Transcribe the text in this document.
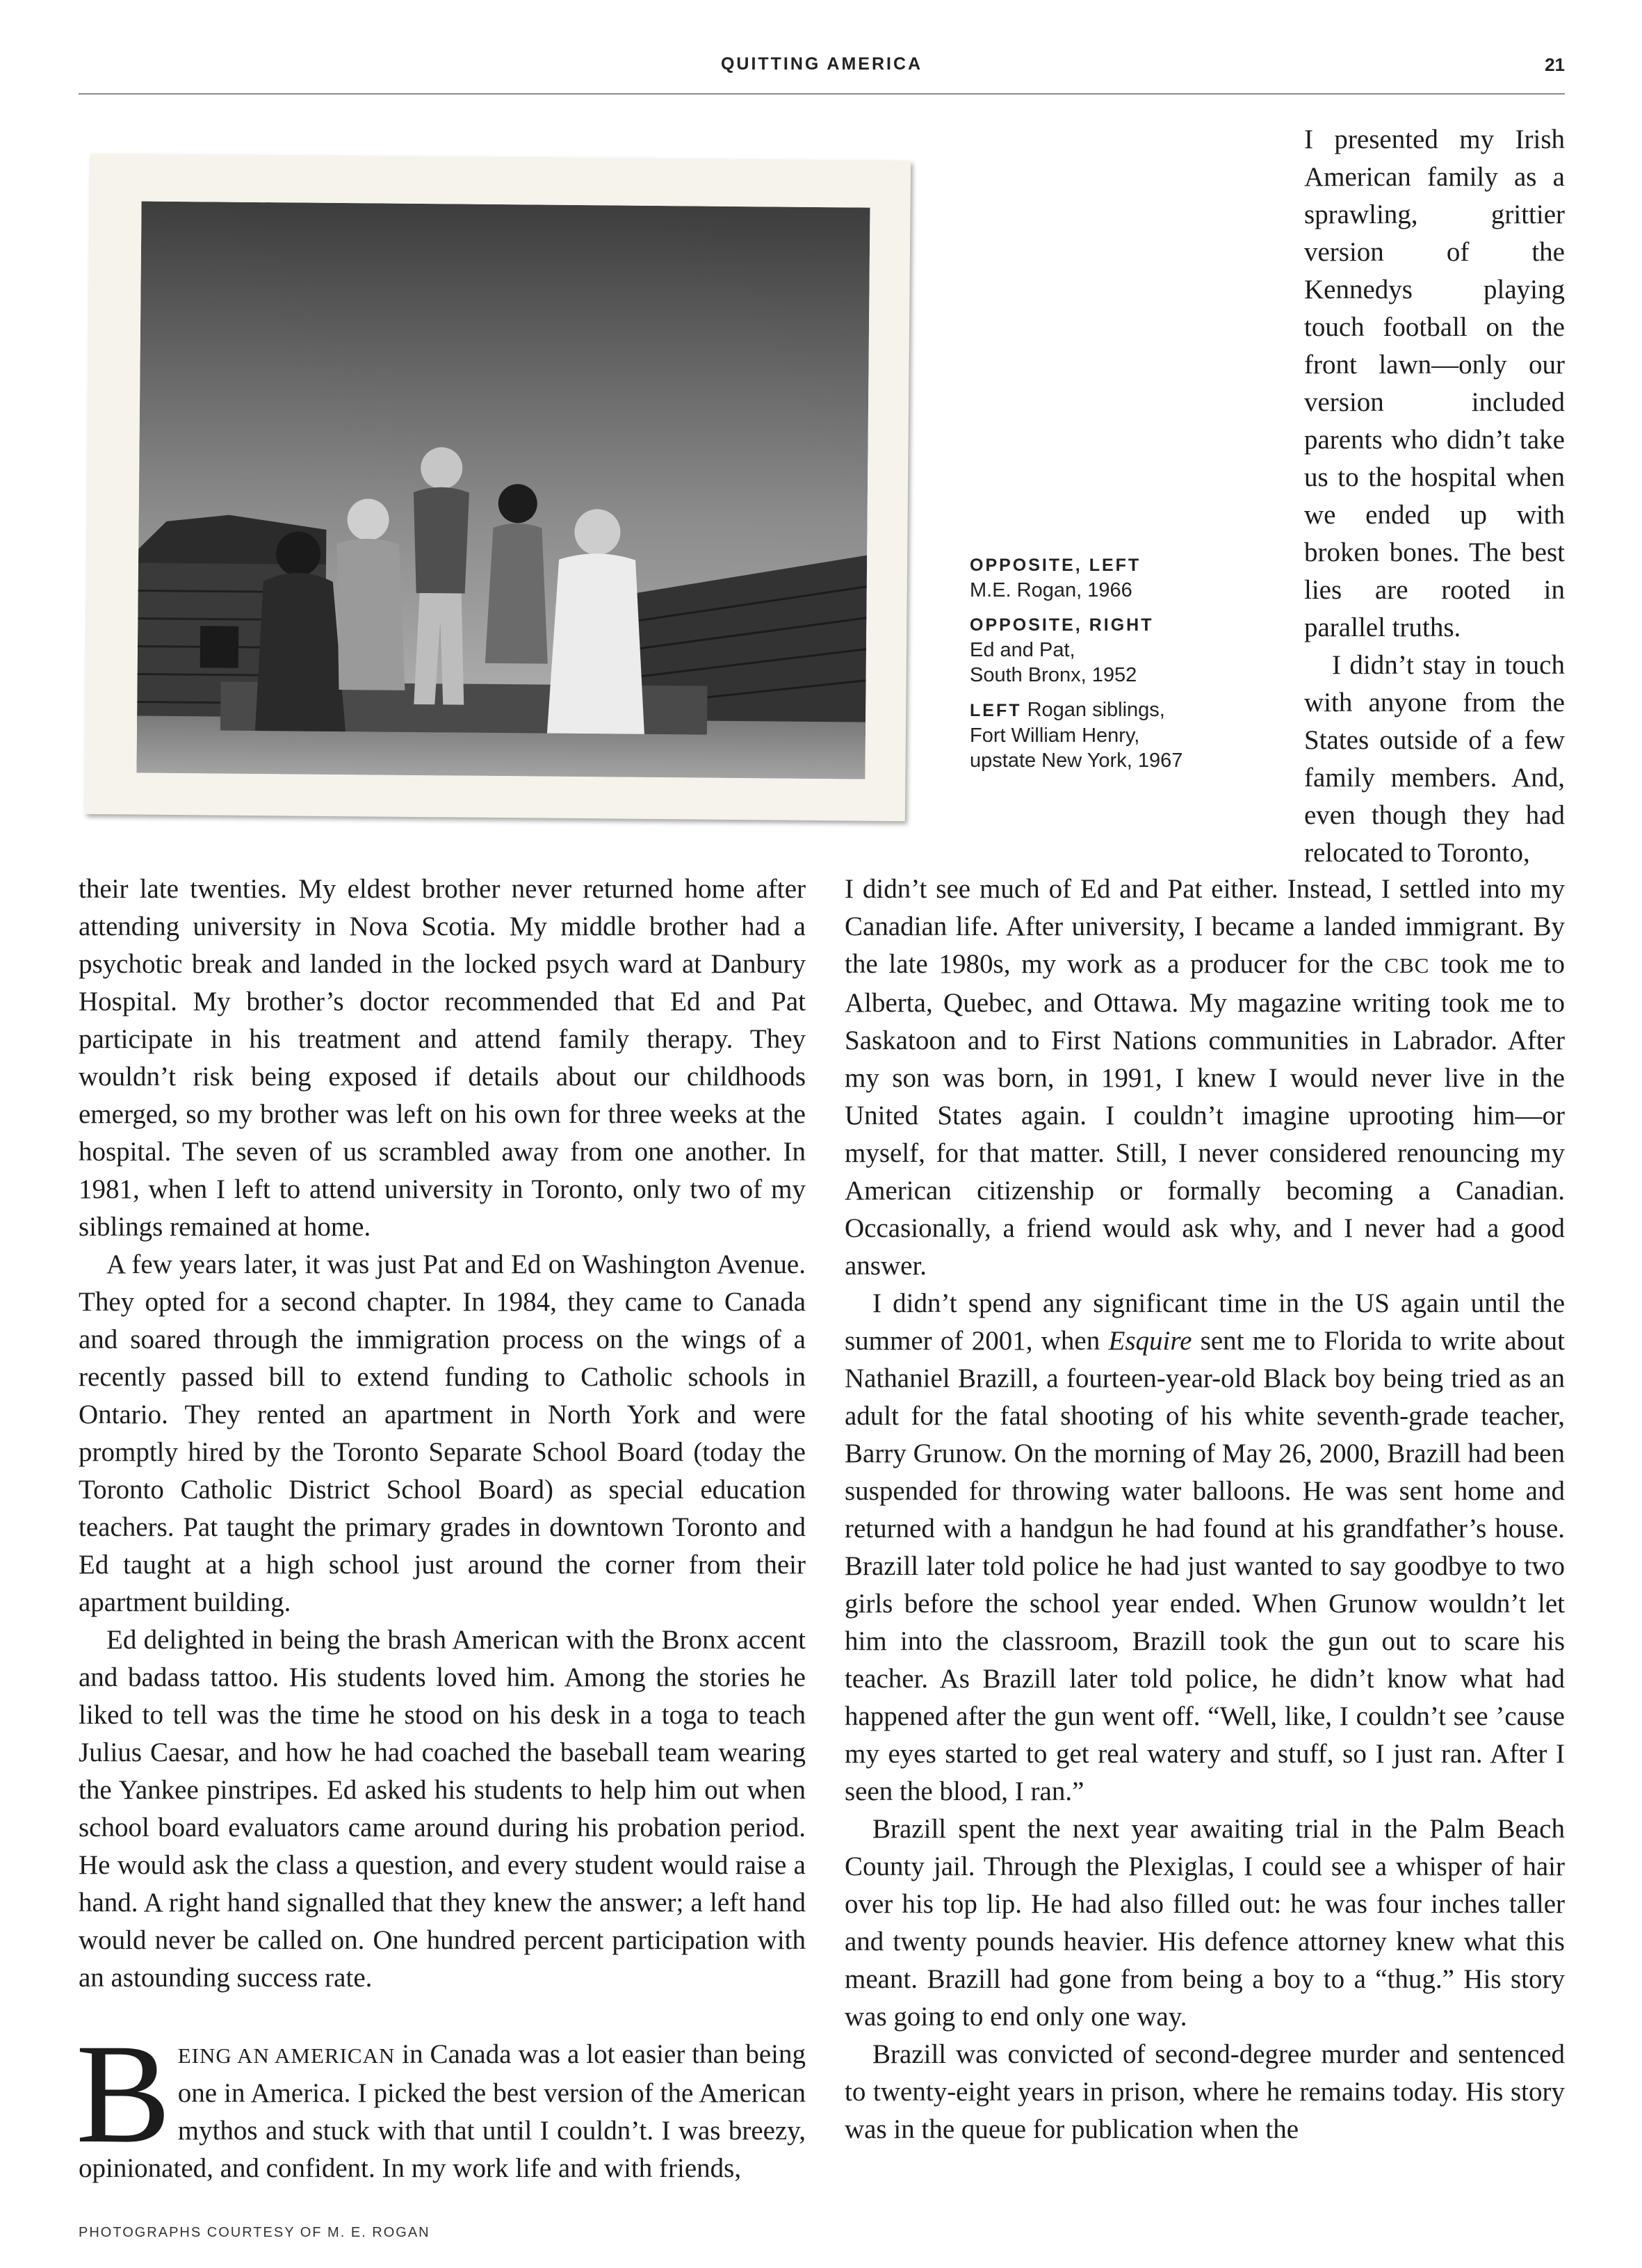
QUITTING AMERICA	21
OPPOSITE, LEFT
M.E. Rogan, 1966
OPPOSITE, RIGHT
Ed and Pat,
South Bronx, 1952
LEFT Rogan siblings,
Fort William Henry,
upstate New York, 1967

I presented my Irish American family as a sprawling, grittier version of the Kennedys playing touch football on the front lawn—only our version included parents who didn’t take us to the hospital when we ended up with broken bones. The best lies are rooted in parallel truths.

I didn’t stay in touch with anyone from the States outside of a few family members. And, even though they had relocated to Toronto,

their late twenties. My eldest brother never returned home after attending university in Nova Scotia. My middle brother had a psychotic break and landed in the locked psych ward at Danbury Hospital. My brother’s doctor recommended that Ed and Pat participate in his treatment and attend family therapy. They wouldn’t risk being exposed if details about our childhoods emerged, so my brother was left on his own for three weeks at the hospital. The seven of us scrambled away from one another. In 1981, when I left to attend university in Toronto, only two of my siblings remained at home.

A few years later, it was just Pat and Ed on Washington Avenue. They opted for a second chapter. In 1984, they came to Canada and soared through the immigration process on the wings of a recently passed bill to extend funding to Catholic schools in Ontario. They rented an apartment in North York and were promptly hired by the Toronto Separate School Board (today the Toronto Catholic District School Board) as special education teachers. Pat taught the primary grades in downtown Toronto and Ed taught at a high school just around the corner from their apartment building.

Ed delighted in being the brash American with the Bronx accent and badass tattoo. His students loved him. Among the stories he liked to tell was the time he stood on his desk in a toga to teach Julius Caesar, and how he had coached the baseball team wearing the Yankee pinstripes. Ed asked his students to help him out when school board evaluators came around during his probation period. He would ask the class a question, and every student would raise a hand. A right hand signalled that they knew the answer; a left hand would never be called on. One hundred percent participation with an astounding success rate.

BEING AN AMERICAN in Canada was a lot easier than being one in America. I picked the best version of the American mythos and stuck with that until I couldn’t. I was breezy, opinionated, and confident. In my work life and with friends,

I didn’t see much of Ed and Pat either. Instead, I settled into my Canadian life. After university, I became a landed immigrant. By the late 1980s, my work as a producer for the CBC took me to Alberta, Quebec, and Ottawa. My magazine writing took me to Saskatoon and to First Nations communities in Labrador. After my son was born, in 1991, I knew I would never live in the United States again. I couldn’t imagine uprooting him—or myself, for that matter. Still, I never considered renouncing my American citizenship or formally becoming a Canadian. Occasionally, a friend would ask why, and I never had a good answer.

I didn’t spend any significant time in the US again until the summer of 2001, when Esquire sent me to Florida to write about Nathaniel Brazill, a fourteen-year-old Black boy being tried as an adult for the fatal shooting of his white seventh-grade teacher, Barry Grunow. On the morning of May 26, 2000, Brazill had been suspended for throwing water balloons. He was sent home and returned with a handgun he had found at his grandfather’s house. Brazill later told police he had just wanted to say goodbye to two girls before the school year ended. When Grunow wouldn’t let him into the classroom, Brazill took the gun out to scare his teacher. As Brazill later told police, he didn’t know what had happened after the gun went off. “Well, like, I couldn’t see ’cause my eyes started to get real watery and stuff, so I just ran. After I seen the blood, I ran.”

Brazill spent the next year awaiting trial in the Palm Beach County jail. Through the Plexiglas, I could see a whisper of hair over his top lip. He had also filled out: he was four inches taller and twenty pounds heavier. His defence attorney knew what this meant. Brazill had gone from being a boy to a “thug.” His story was going to end only one way.

Brazill was convicted of second-degree murder and sentenced to twenty-eight years in prison, where he remains today. His story was in the queue for publication when the

PHOTOGRAPHS COURTESY OF M. E. ROGAN
